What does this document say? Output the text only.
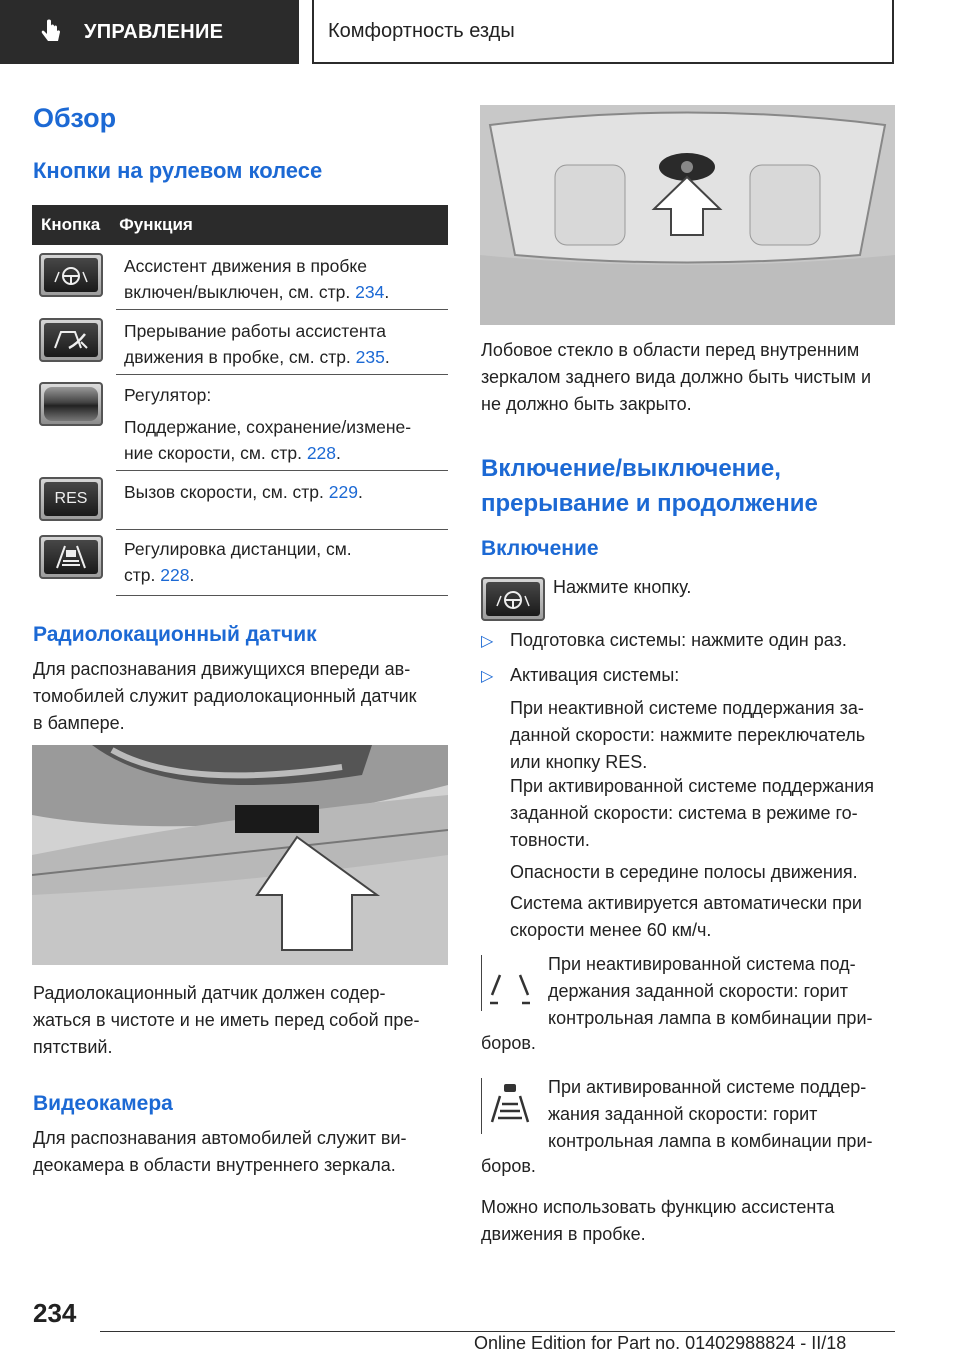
УПРАВЛЕНИЕ	Комфортность езды
Обзор
Кнопки на рулевом колесе
Кнопка Функция
Ассистент движения в пробке
включен/выключен, см. стр. 234.
Прерывание работы ассистента
движения в пробке, см. стр. 235.
Регулятор:
Поддержание, сохранение/измене-
ние скорости, см. стр. 228.
RES	Вызов скорости, см. стр. 229.
Регулировка дистанции, см.
стр. 228.
Радиолокационный датчик
Для распознавания движущихся впереди ав-
томобилей служит радиолокационный датчик
в бампере.
Радиолокационный датчик должен содер-
жаться в чистоте и не иметь перед собой пре-
пятствий.
Видеокамера
Для распознавания автомобилей служит ви-
деокамера в области внутреннего зеркала.
Лобовое стекло в области перед внутренним
зеркалом заднего вида должно быть чистым и
не должно быть закрыто.
Включение/выключение,
прерывание и продолжение
Включение
Нажмите кнопку.
▷ Подготовка системы: нажмите один раз.
▷ Активация системы:
При неактивной системе поддержания за-
данной скорости: нажмите переключатель
или кнопку RES.
При активированной системе поддержания
заданной скорости: система в режиме го-
товности.
Опасности в середине полосы движения.
Система активируется автоматически при
скорости менее 60 км/ч.
При неактивированной система под-
держания заданной скорости: горит
контрольная лампа в комбинации при-
боров.
При активированной системе поддер-
жания заданной скорости: горит
контрольная лампа в комбинации при-
боров.
Можно использовать функцию ассистента
движения в пробке.
234
Online Edition for Part no. 01402988824 - II/18
